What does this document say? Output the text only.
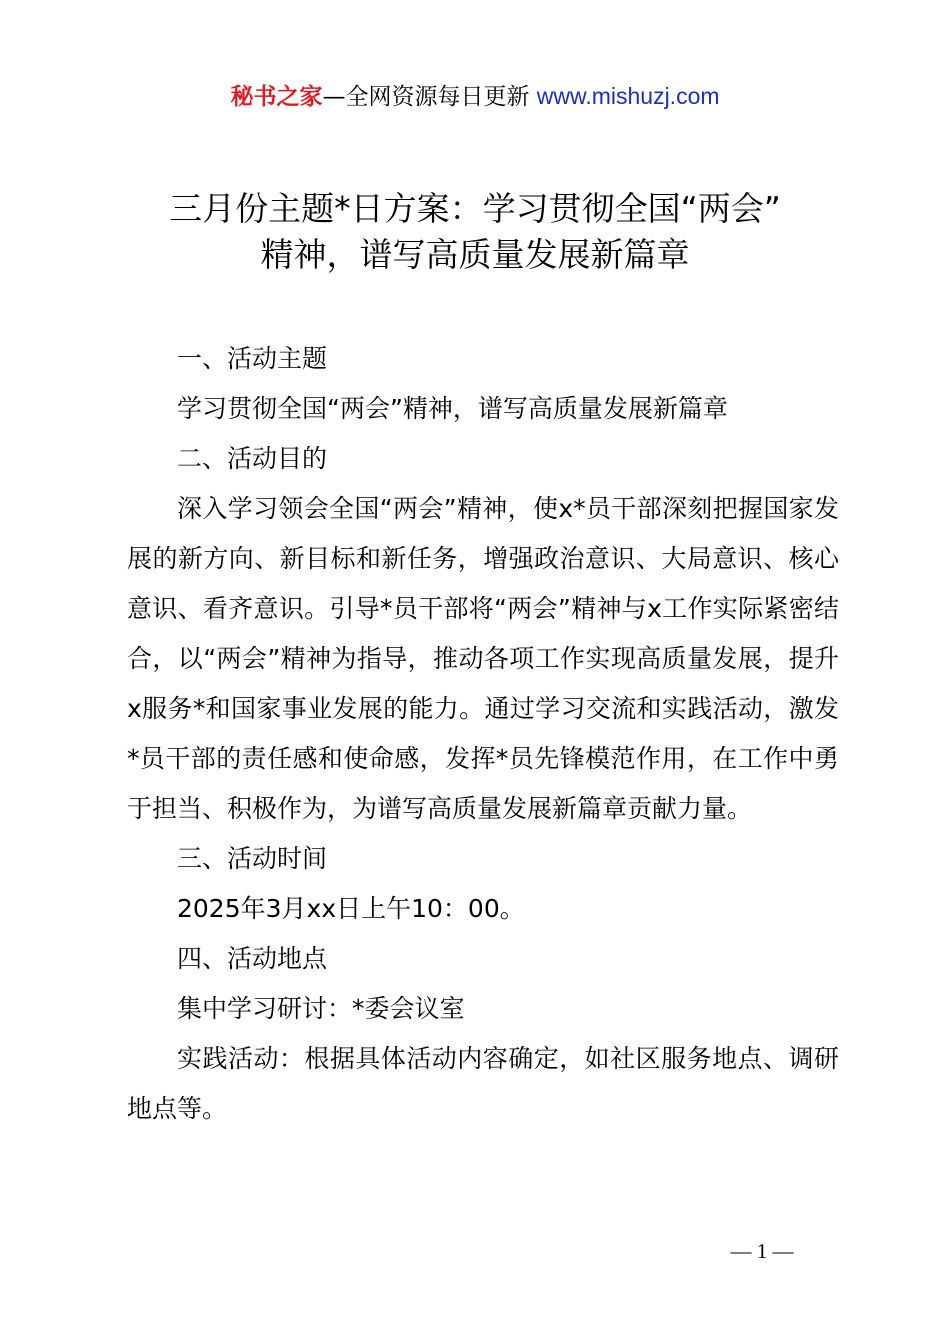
秘书之家—全网资源每日更新 www.mishuzj.com
三月份主题*日方案：学习贯彻全国“两会”
精神，谱写高质量发展新篇章

一、活动主题

学习贯彻全国“两会”精神，谱写高质量发展新篇章

二、活动目的

深入学习领会全国“两会”精神，使x*员干部深刻把握国家发展的新方向、新目标和新任务，增强政治意识、大局意识、核心意识、看齐意识。引导*员干部将“两会”精神与x工作实际紧密结合，以“两会”精神为指导，推动各项工作实现高质量发展，提升x服务*和国家事业发展的能力。通过学习交流和实践活动，激发*员干部的责任感和使命感，发挥*员先锋模范作用，在工作中勇于担当、积极作为，为谱写高质量发展新篇章贡献力量。

三、活动时间

2025年3月xx日上午10：00。

四、活动地点

集中学习研讨：*委会议室

实践活动：根据具体活动内容确定，如社区服务地点、调研地点等。

— 1 —
